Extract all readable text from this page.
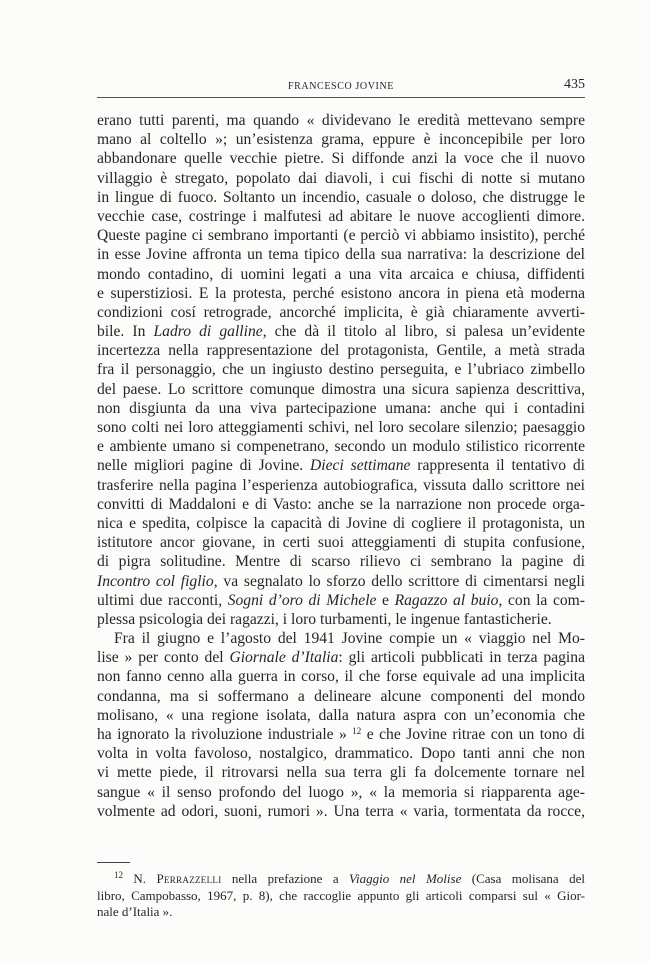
FRANCESCO JOVINE	435
erano tutti parenti, ma quando « dividevano le eredità mettevano sempre
mano al coltello »; un’esistenza grama, eppure è inconcepibile per loro
abbandonare quelle vecchie pietre. Si diffonde anzi la voce che il nuovo
villaggio è stregato, popolato dai diavoli, i cui fischi di notte si mutano
in lingue di fuoco. Soltanto un incendio, casuale o doloso, che distrugge le
vecchie case, costringe i malfutesi ad abitare le nuove accoglienti dimore.
Queste pagine ci sembrano importanti (e perciò vi abbiamo insistito), perché
in esse Jovine affronta un tema tipico della sua narrativa: la descrizione del
mondo contadino, di uomini legati a una vita arcaica e chiusa, diffidenti
e superstiziosi. E la protesta, perché esistono ancora in piena età moderna
condizioni cosí retrograde, ancorché implicita, è già chiaramente avverti-
bile. In Ladro di galline, che dà il titolo al libro, si palesa un’evidente
incertezza nella rappresentazione del protagonista, Gentile, a metà strada
fra il personaggio, che un ingiusto destino perseguita, e l’ubriaco zimbello
del paese. Lo scrittore comunque dimostra una sicura sapienza descrittiva,
non disgiunta da una viva partecipazione umana: anche qui i contadini
sono colti nei loro atteggiamenti schivi, nel loro secolare silenzio; paesaggio
e ambiente umano si compenetrano, secondo un modulo stilistico ricorrente
nelle migliori pagine di Jovine. Dieci settimane rappresenta il tentativo di
trasferire nella pagina l’esperienza autobiografica, vissuta dallo scrittore nei
convitti di Maddaloni e di Vasto: anche se la narrazione non procede orga-
nica e spedita, colpisce la capacità di Jovine di cogliere il protagonista, un
istitutore ancor giovane, in certi suoi atteggiamenti di stupita confusione,
di pigra solitudine. Mentre di scarso rilievo ci sembrano la pagine di
Incontro col figlio, va segnalato lo sforzo dello scrittore di cimentarsi negli
ultimi due racconti, Sogni d’oro di Michele e Ragazzo al buio, con la com-
plessa psicologia dei ragazzi, i loro turbamenti, le ingenue fantasticherie.
Fra il giugno e l’agosto del 1941 Jovine compie un « viaggio nel Mo-
lise » per conto del Giornale d’Italia: gli articoli pubblicati in terza pagina
non fanno cenno alla guerra in corso, il che forse equivale ad una implicita
condanna, ma si soffermano a delineare alcune componenti del mondo
molisano, « una regione isolata, dalla natura aspra con un’economia che
ha ignorato la rivoluzione industriale » $^{12}$ e che Jovine ritrae con un tono di
volta in volta favoloso, nostalgico, drammatico. Dopo tanti anni che non
vi mette piede, il ritrovarsi nella sua terra gli fa dolcemente tornare nel
sangue « il senso profondo del luogo », « la memoria si riapparenta age-
volmente ad odori, suoni, rumori ». Una terra « varia, tormentata da rocce,
$^{12}$ N. Perrazzelli nella prefazione a Viaggio nel Molise (Casa molisana del
libro, Campobasso, 1967, p. 8), che raccoglie appunto gli articoli comparsi sul « Gior-
nale d’Italia ».
